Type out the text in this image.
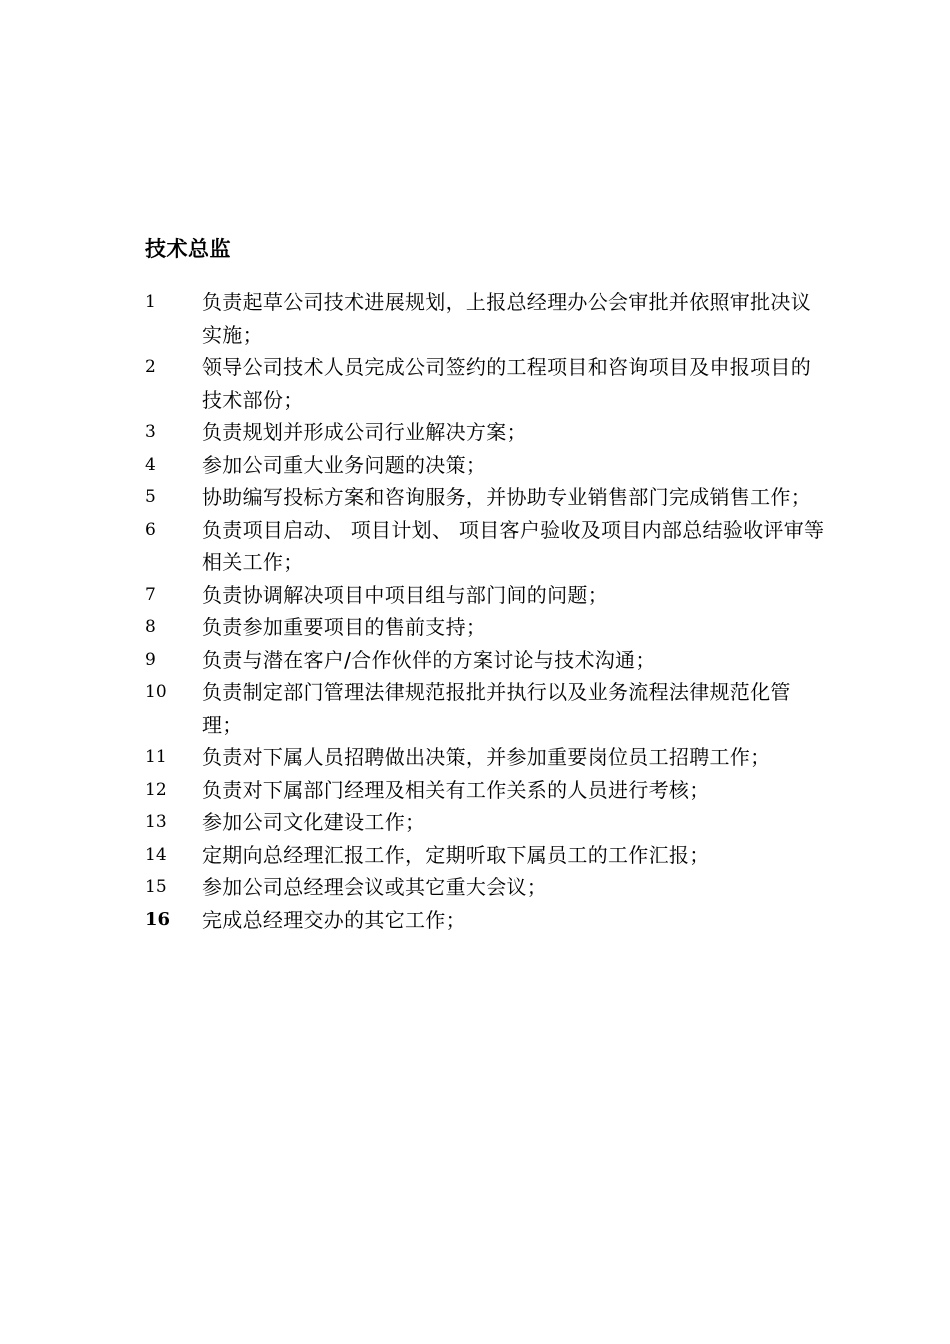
技术总监
1	负责起草公司技术进展规划，上报总经理办公会审批并依照审批决议实施；
2	领导公司技术人员完成公司签约的工程项目和咨询项目及申报项目的技术部份；
3	负责规划并形成公司行业解决方案；
4	参加公司重大业务问题的决策；
5	协助编写投标方案和咨询服务，并协助专业销售部门完成销售工作；
6	负责项目启动、 项目计划、 项目客户验收及项目内部总结验收评审等相关工作；
7	负责协调解决项目中项目组与部门间的问题；
8	负责参加重要项目的售前支持；
9	负责与潜在客户/合作伙伴的方案讨论与技术沟通；
10	负责制定部门管理法律规范报批并执行以及业务流程法律规范化管理；
11	负责对下属人员招聘做出决策，并参加重要岗位员工招聘工作；
12	负责对下属部门经理及相关有工作关系的人员进行考核；
13	参加公司文化建设工作；
14	定期向总经理汇报工作，定期听取下属员工的工作汇报；
15	参加公司总经理会议或其它重大会议；
16	完成总经理交办的其它工作；
